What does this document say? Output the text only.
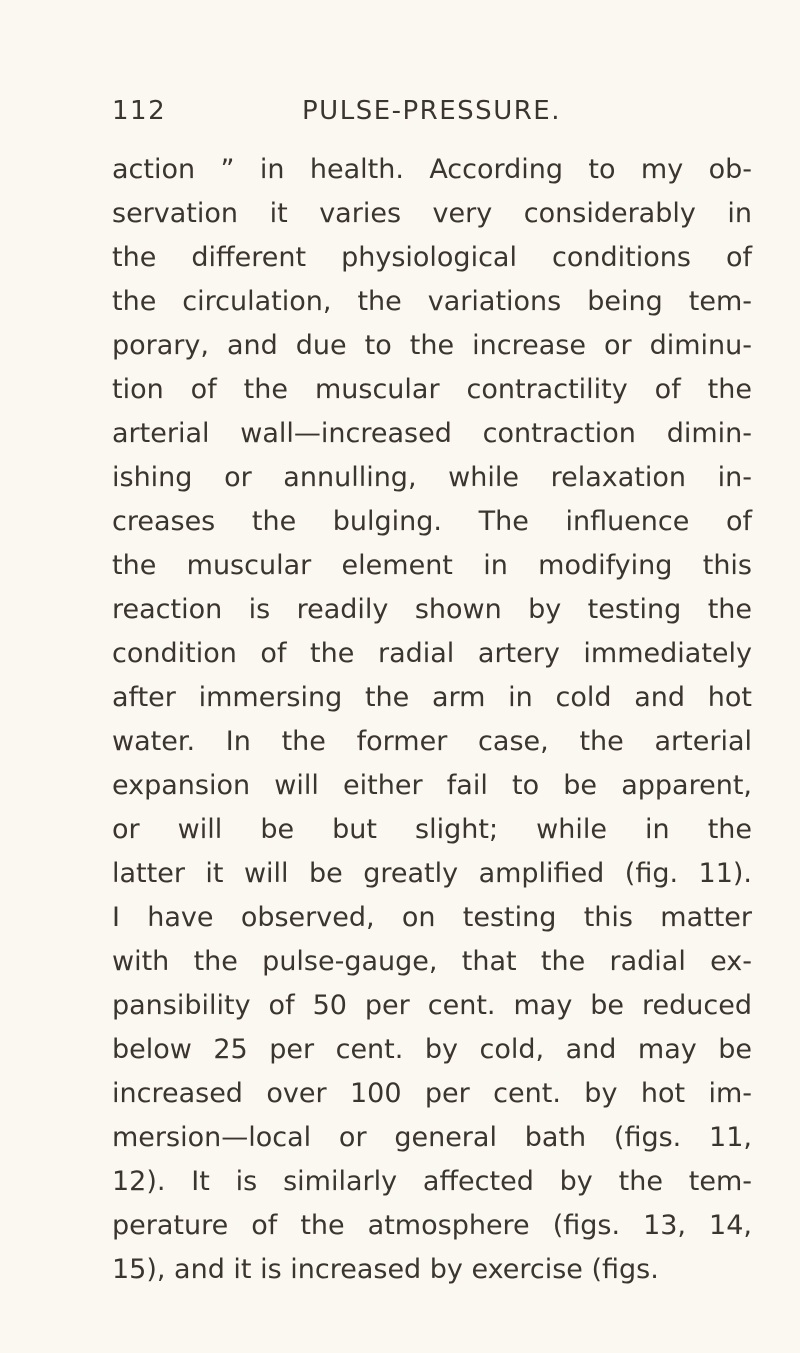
112	PULSE-PRESSURE.
action ” in health. According to my ob-
servation it varies very considerably in
the different physiological conditions of
the circulation, the variations being tem-
porary, and due to the increase or diminu-
tion of the muscular contractility of the
arterial wall—increased contraction dimin-
ishing or annulling, while relaxation in-
creases the bulging. The influence of
the muscular element in modifying this
reaction is readily shown by testing the
condition of the radial artery immediately
after immersing the arm in cold and hot
water. In the former case, the arterial
expansion will either fail to be apparent,
or will be but slight; while in the
latter it will be greatly amplified (fig. 11).
I have observed, on testing this matter
with the pulse-gauge, that the radial ex-
pansibility of 50 per cent. may be reduced
below 25 per cent. by cold, and may be
increased over 100 per cent. by hot im-
mersion—local or general bath (figs. 11,
12). It is similarly affected by the tem-
perature of the atmosphere (figs. 13, 14,
15), and it is increased by exercise (figs.
